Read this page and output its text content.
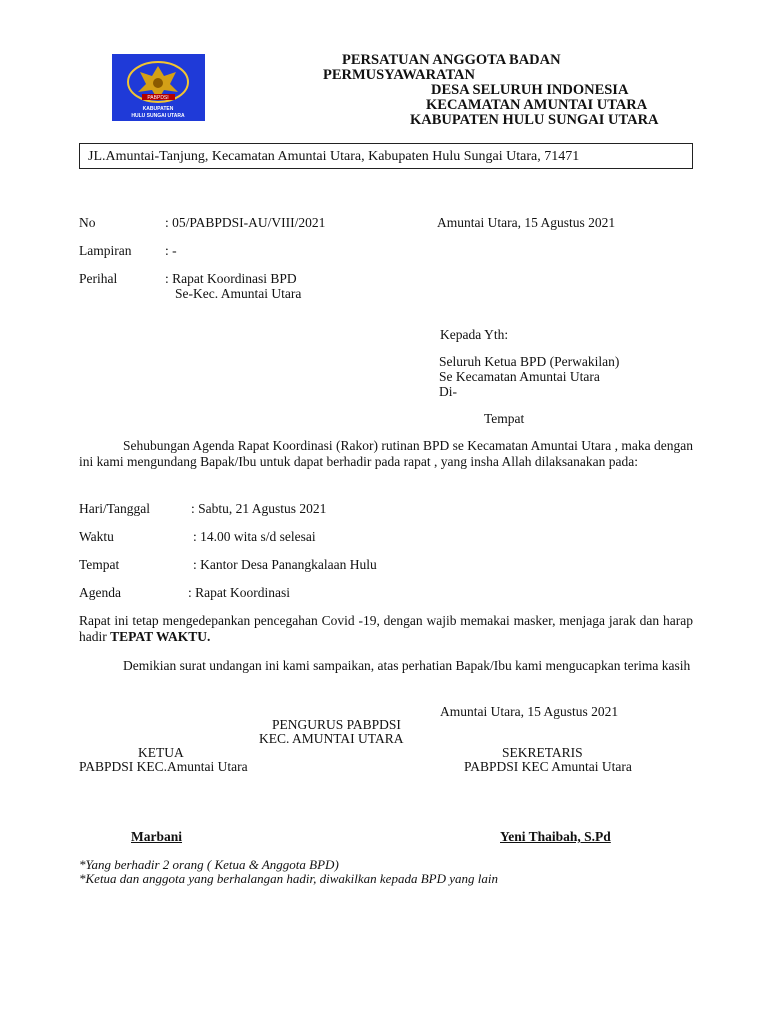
PABPDSI
KABUPATEN
HULU SUNGAI UTARA
PERSATUAN ANGGOTA BADAN
PERMUSYAWARATAN
DESA SELURUH INDONESIA
KECAMATAN AMUNTAI UTARA
KABUPATEN HULU SUNGAI UTARA
JL.Amuntai-Tanjung, Kecamatan Amuntai Utara, Kabupaten Hulu Sungai Utara, 71471
No	: 05/PABPDSI-AU/VIII/2021	Amuntai Utara, 15 Agustus 2021
Lampiran : -
Perihal	: Rapat Koordinasi BPD
Se-Kec. Amuntai Utara
Kepada Yth:
Seluruh Ketua BPD (Perwakilan)
Se Kecamatan Amuntai Utara
Di-
Tempat
Sehubungan Agenda Rapat Koordinasi (Rakor) rutinan BPD se Kecamatan Amuntai Utara , maka dengan ini kami mengundang Bapak/Ibu untuk dapat berhadir pada rapat , yang insha Allah dilaksanakan pada:
Hari/Tanggal	: Sabtu, 21 Agustus 2021
Waktu	: 14.00 wita s/d selesai
Tempat	: Kantor Desa Panangkalaan Hulu
Agenda	: Rapat Koordinasi
Rapat ini tetap mengedepankan pencegahan Covid -19, dengan wajib memakai masker, menjaga jarak dan harap hadir TEPAT WAKTU.
Demikian surat undangan ini kami sampaikan, atas perhatian Bapak/Ibu kami mengucapkan terima kasih
Amuntai Utara, 15 Agustus 2021
PENGURUS PABPDSI
KEC. AMUNTAI UTARA
KETUA
PABPDSI KEC.Amuntai Utara
SEKRETARIS
PABPDSI KEC Amuntai Utara
Marbani	Yeni Thaibah, S.Pd
*Yang berhadir 2 orang ( Ketua & Anggota BPD)
*Ketua dan anggota yang berhalangan hadir, diwakilkan kepada BPD yang lain
